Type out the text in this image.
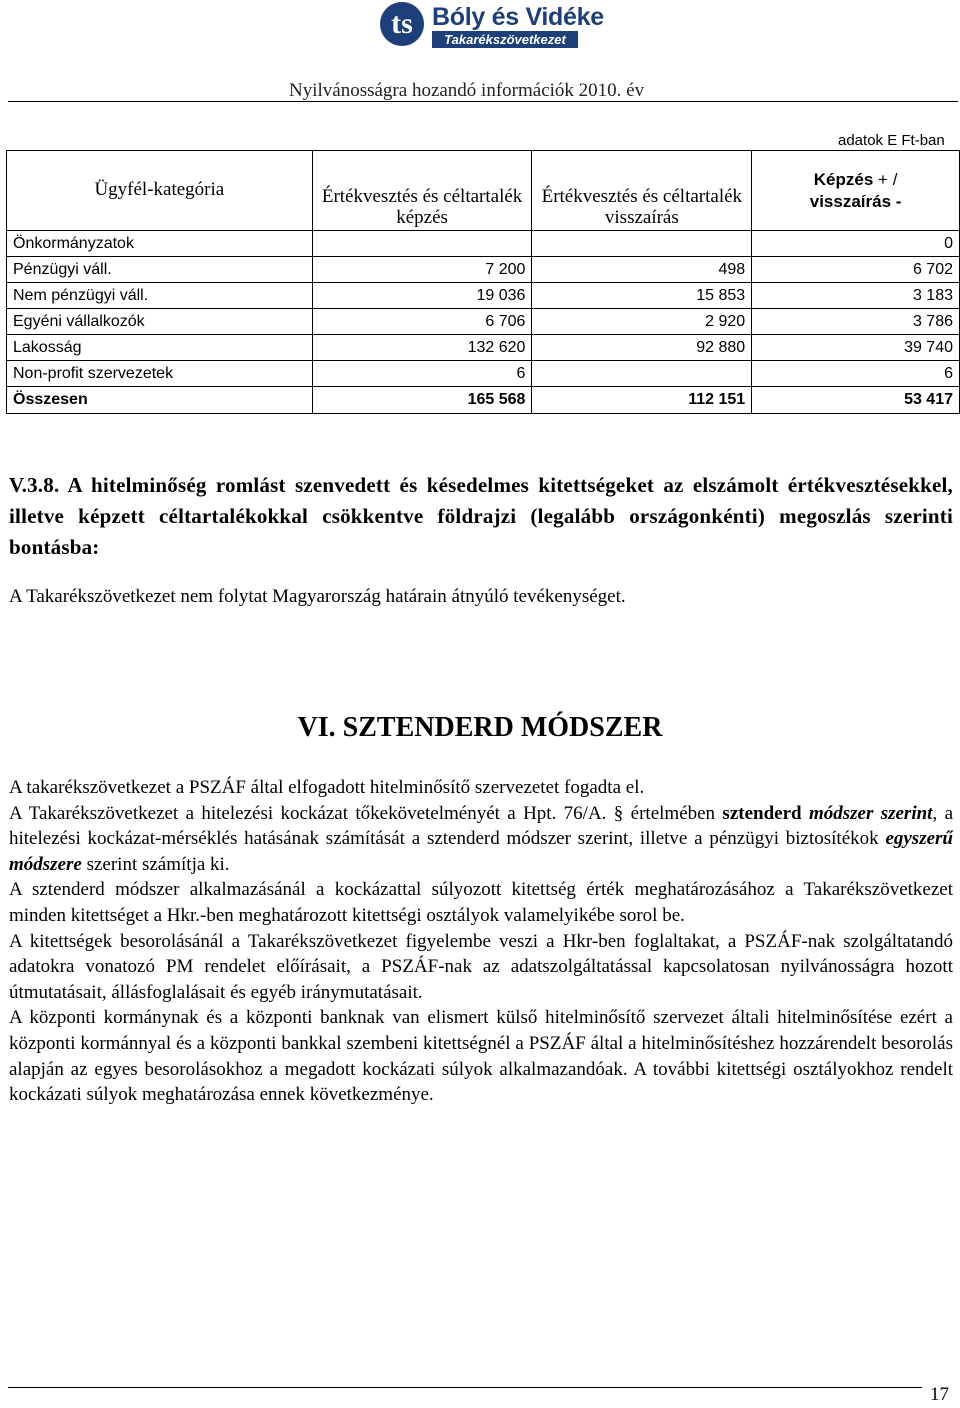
ts Bóly és Vidéke
Takarékszövetkezet
Nyilvánosságra hozandó információk 2010. év
adatok E Ft-ban
Ügyfél-kategória	Értékvesztés és céltartalék képzés	Értékvesztés és céltartalék visszaírás	Képzés + /
visszaírás -
Önkormányzatok			0
Pénzügyi váll.	7 200	498	6 702
Nem pénzügyi váll.	19 036	15 853	3 183
Egyéni vállalkozók	6 706	2 920	3 786
Lakosság	132 620	92 880	39 740
Non-profit szervezetek	6		6
Összesen	165 568	112 151	53 417
V.3.8. A hitelminőség romlást szenvedett és késedelmes kitettségeket az elszámolt értékvesztésekkel, illetve képzett céltartalékokkal csökkentve földrajzi (legalább országonkénti) megoszlás szerinti bontásba:
A Takarékszövetkezet nem folytat Magyarország határain átnyúló tevékenységet.
VI. SZTENDERD MÓDSZER

A takarékszövetkezet a PSZÁF által elfogadott hitelminősítő szervezetet fogadta el.

A Takarékszövetkezet a hitelezési kockázat tőkekövetelményét a Hpt. 76/A. § értelmében sztenderd módszer szerint, a hitelezési kockázat-mérséklés hatásának számítását a sztenderd módszer szerint, illetve a pénzügyi biztosítékok egyszerű módszere szerint számítja ki.

A sztenderd módszer alkalmazásánál a kockázattal súlyozott kitettség érték meghatározásához a Takarékszövetkezet minden kitettséget a Hkr.-ben meghatározott kitettségi osztályok valamelyikébe sorol be.

A kitettségek besorolásánál a Takarékszövetkezet figyelembe veszi a Hkr-ben foglaltakat, a PSZÁF-nak szolgáltatandó adatokra vonatozó PM rendelet előírásait, a PSZÁF-nak az adatszolgáltatással kapcsolatosan nyilvánosságra hozott útmutatásait, állásfoglalásait és egyéb iránymutatásait.

A központi kormánynak és a központi banknak van elismert külső hitelminősítő szervezet általi hitelminősítése ezért a központi kormánnyal és a központi bankkal szembeni kitettségnél a PSZÁF által a hitelminősítéshez hozzárendelt besorolás alapján az egyes besorolásokhoz a megadott kockázati súlyok alkalmazandóak. A további kitettségi osztályokhoz rendelt kockázati súlyok meghatározása ennek következménye.

17
